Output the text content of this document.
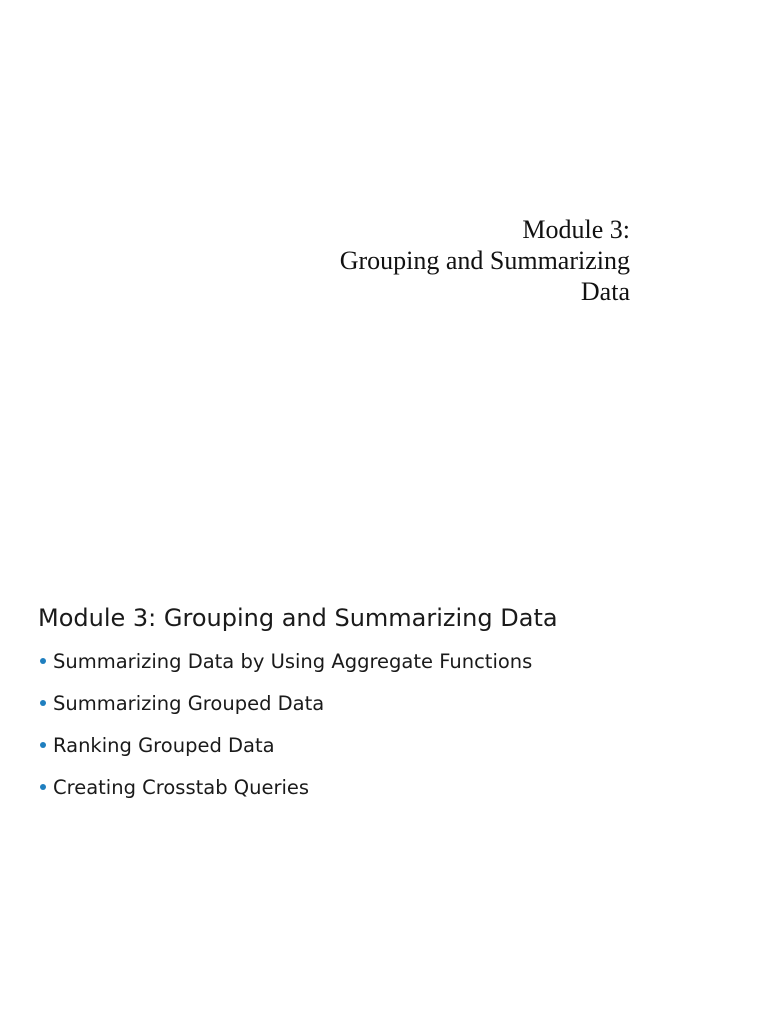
Module 3:
Grouping and Summarizing
Data
Module 3: Grouping and Summarizing Data
Summarizing Data by Using Aggregate Functions
Summarizing Grouped Data
Ranking Grouped Data
Creating Crosstab Queries
